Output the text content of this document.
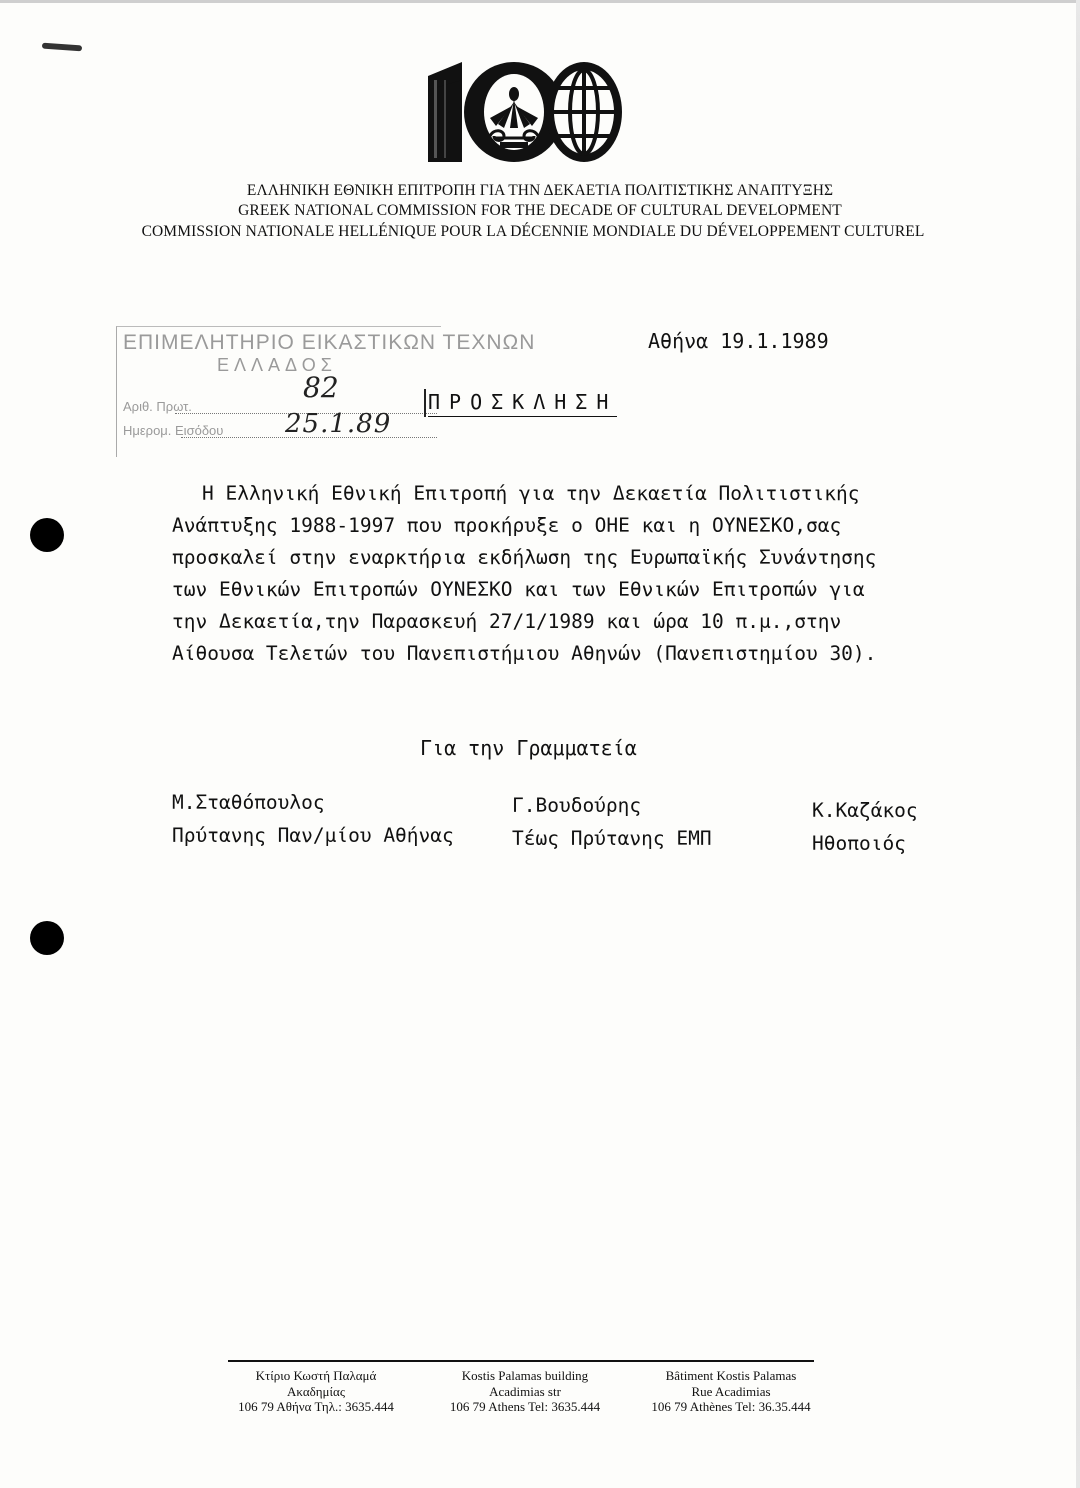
ΕΛΛΗΝΙΚΗ ΕΘΝΙΚΗ ΕΠΙΤΡΟΠΗ ΓΙΑ ΤΗΝ ΔΕΚΑΕΤΙΑ ΠΟΛΙΤΙΣΤΙΚΗΣ ΑΝΑΠΤΥΞΗΣ
GREEK NATIONAL COMMISSION FOR THE DECADE OF CULTURAL DEVELOPMENT
COMMISSION NATIONALE HELLÉNIQUE POUR LA DÉCENNIE MONDIALE DU DÉVELOPPEMENT CULTUREL
ΕΠΙΜΕΛΗΤΗΡΙΟ ΕΙΚΑΣΤΙΚΩΝ ΤΕΧΝΩΝ
ΕΛΛΑΔΟΣ
Αριθ. Πρωτ.
Ημερομ. Εισόδου
82
25.1.89
Αθήνα 19.1.1989
ΠΡΟΣΚΛΗΣΗ
Η Ελληνική Εθνική Επιτροπή για την Δεκαετία Πολιτιστικής
Ανάπτυξης 1988-1997 που προκήρυξε ο ΟΗΕ και η ΟΥΝΕΣΚΟ,σας
προσκαλεί στην εναρκτήρια εκδήλωση της Ευρωπαϊκής Συνάντησης
των Εθνικών Επιτροπών ΟΥΝΕΣΚΟ και των Εθνικών Επιτροπών για
την Δεκαετία,την Παρασκευή 27/1/1989 και ώρα 10 π.μ.,στην
Αίθουσα Τελετών του Πανεπιστήμιου Αθηνών (Πανεπιστημίου 30).
Για την Γραμματεία
Μ.Σταθόπουλος
Πρύτανης Παν/μίου Αθήνας
Γ.Βουδούρης
Τέως Πρύτανης ΕΜΠ
Κ.Καζάκος
Ηθοποιός
Κτίριο Κωστή Παλαμά
Ακαδημίας
106 79 Αθήνα Τηλ.: 3635.444
Kostis Palamas building
Acadimias str
106 79 Athens Tel: 3635.444
Bâtiment Kostis Palamas
Rue Acadimias
106 79 Athènes Tel: 36.35.444
